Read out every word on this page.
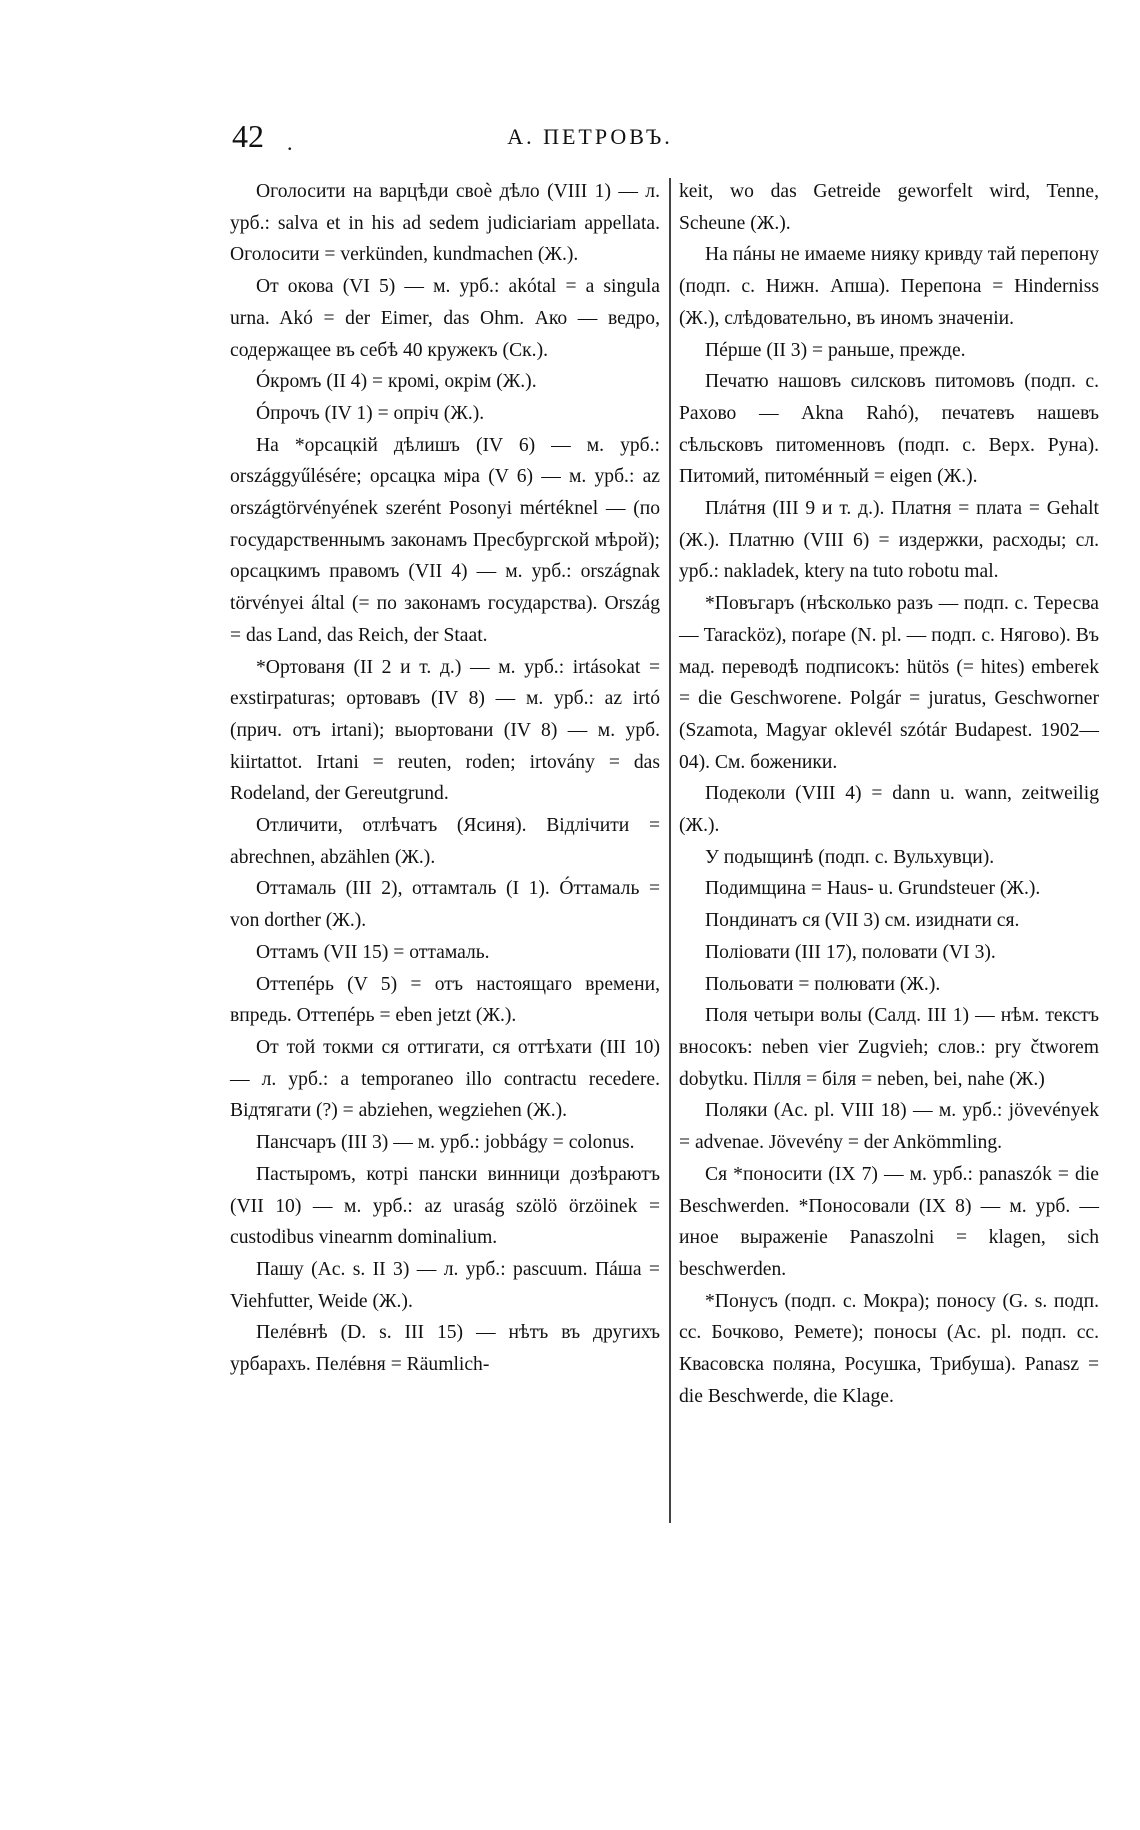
42 .	А. ПЕТРОВЪ.

Оголосити на варцѣди своѐ дѣло (VIII 1) — л. урб.: salva et in his ad sedem judiciariam appellata. Оголосити = verkünden, kundmachen (Ж.).

От окова (VI 5) — м. урб.: akótal = a singula urna. Akó = der Eimer, das Ohm. Ако — ведро, содержащее въ себѣ 40 кружекъ (Ск.).

Óкромъ (II 4) = кромі, окрім (Ж.).

Óпрочъ (IV 1) = опріч (Ж.).

На *орсацкій дѣлишъ (IV 6) — м. урб.: országgyűlésére; орсацка міра (V 6) — м. урб.: az országtörvényének szerént Posonyi mértéknel — (по государственнымъ законамъ Пресбургской мѣрой); орсацкимъ правомъ (VII 4) — м. урб.: országnak törvényei által (= по законамъ государства). Ország = das Land, das Reich, der Staat.

*Ортованя (II 2 и т. д.) — м. урб.: irtásokat = exstirpaturas; ортовавъ (IV 8) — м. урб.: az irtó (прич. отъ irtani); выортовани (IV 8) — м. урб. kiirtattot. Irtani = reuten, roden; irtovány = das Rodeland, der Gereutgrund.

Отличити, отлѣчатъ (Ясиня). Відлічити = abrechnen, abzählen (Ж.).

Оттамаль (III 2), оттамталь (I 1). Óттамаль = von dorther (Ж.).

Оттамъ (VII 15) = оттамаль.

Оттепéрь (V 5) = отъ настоящаго времени, впредь. Оттепéрь = eben jetzt (Ж.).

От той токми ся оттигати, ся оттѣхати (III 10) — л. урб.: a temporaneo illo contractu recedere. Відтягати (?) = abziehen, wegziehen (Ж.).

Пансчаръ (III 3) — м. урб.: jobbágy = colonus.

Пастыромъ, котрі пански винници дозѣраютъ (VII 10) — м. урб.: az uraság szölö örzöinek = custodibus vinearnm dominalium.

Пашу (Ac. s. II 3) — л. урб.: pascuum. Пáша = Viehfutter, Weide (Ж.).

Пелéвнѣ (D. s. III 15) — нѣтъ въ другихъ урбарахъ. Пелéвня = Räumlich-

keit, wo das Getreide geworfelt wird, Tenne, Scheune (Ж.).

На пáны не имаеме нияку кривду тай перепону (подп. с. Нижн. Апша). Перепона = Hinderniss (Ж.), слѣдовательно, въ иномъ значеніи.

Пéрше (II 3) = раньше, прежде.

Печатю нашовъ силсковъ питомовъ (подп. с. Рахово — Akna Rahó), печатевъ нашевъ сѣльсковъ питоменновъ (подп. с. Верх. Руна). Питомий, питомéнный = eigen (Ж.).

Плáтня (III 9 и т. д.). Платня = плата = Gehalt (Ж.). Платню (VIII 6) = издержки, расходы; сл. урб.: nakladek, ktery na tuto robotu mal.

*Повъгаръ (нѣсколько разъ — подп. с. Тересва — Taracköz), поґаре (N. pl. — подп. с. Нягово). Въ мад. переводѣ подписокъ: hütös (= hites) emberek = die Geschworene. Polgár = juratus, Geschworner (Szamota, Magyar oklevél szótár Budapest. 1902—04). См. боженики.

Подеколи (VIII 4) = dann u. wann, zeitweilig (Ж.).

У подыщинѣ (подп. с. Вульхувци).

Подимщина = Haus- u. Grundsteuer (Ж.).

Пондинатъ ся (VII 3) см. изиднати ся.

Поліовати (III 17), половати (VI 3).

Польовати = полювати (Ж.).

Поля четыри волы (Салд. III 1) — нѣм. текстъ вносокъ: neben vier Zugvieh; слов.: pry čtworem dobytku. Пілля = біля = neben, bei, nahe (Ж.)

Поляки (Ac. pl. VIII 18) — м. урб.: jövevények = advenae. Jövevény = der Ankömmling.

Ся *поносити (IX 7) — м. урб.: panaszók = die Beschwerden. *Поносовали (IX 8) — м. урб. — иное выраженіе Panaszolni = klagen, sich beschwerden.

*Понусъ (подп. с. Мокра); поносу (G. s. подп. сс. Бочково, Ремете); поносы (Ac. pl. подп. сс. Квасовска поляна, Росушка, Трибуша). Panasz = die Beschwerde, die Klage.
